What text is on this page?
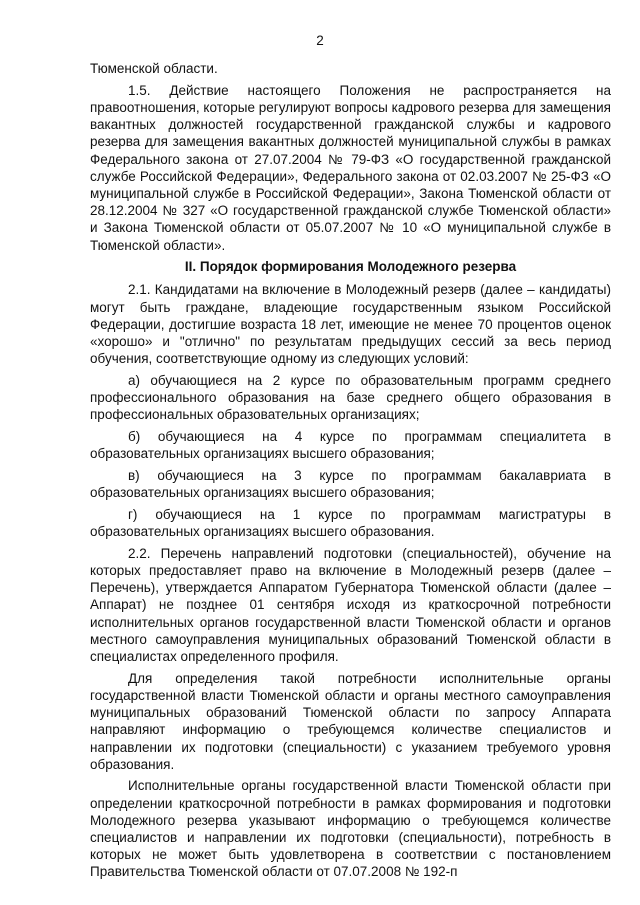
2

Тюменской области.

1.5. Действие настоящего Положения не распространяется на правоотношения, которые регулируют вопросы кадрового резерва для замещения вакантных должностей государственной гражданской службы и кадрового резерва для замещения вакантных должностей муниципальной службы в рамках Федерального закона от 27.07.2004 № 79-ФЗ «О государственной гражданской службе Российской Федерации», Федерального закона от 02.03.2007 № 25-ФЗ «О муниципальной службе в Российской Федерации», Закона Тюменской области от 28.12.2004 № 327 «О государственной гражданской службе Тюменской области» и Закона Тюменской области от 05.07.2007 № 10 «О муниципальной службе в Тюменской области».

II. Порядок формирования Молодежного резерва

2.1. Кандидатами на включение в Молодежный резерв (далее – кандидаты) могут быть граждане, владеющие государственным языком Российской Федерации, достигшие возраста 18 лет, имеющие не менее 70 процентов оценок «хорошо» и "отлично" по результатам предыдущих сессий за весь период обучения, соответствующие одному из следующих условий:

а) обучающиеся на 2 курсе по образовательным программ среднего профессионального образования на базе среднего общего образования в профессиональных образовательных организациях;

б) обучающиеся на 4 курсе по программам специалитета в образовательных организациях высшего образования;

в) обучающиеся на 3 курсе по программам бакалавриата в образовательных организациях высшего образования;

г) обучающиеся на 1 курсе по программам магистратуры в образовательных организациях высшего образования.

2.2. Перечень направлений подготовки (специальностей), обучение на которых предоставляет право на включение в Молодежный резерв (далее – Перечень), утверждается Аппаратом Губернатора Тюменской области (далее – Аппарат) не позднее 01 сентября исходя из краткосрочной потребности исполнительных органов государственной власти Тюменской области и органов местного самоуправления муниципальных образований Тюменской области в специалистах определенного профиля.

Для определения такой потребности исполнительные органы государственной власти Тюменской области и органы местного самоуправления муниципальных образований Тюменской области по запросу Аппарата направляют информацию о требующемся количестве специалистов и направлении их подготовки (специальности) с указанием требуемого уровня образования.

Исполнительные органы государственной власти Тюменской области при определении краткосрочной потребности в рамках формирования и подготовки Молодежного резерва указывают информацию о требующемся количестве специалистов и направлении их подготовки (специальности), потребность в которых не может быть удовлетворена в соответствии с постановлением Правительства Тюменской области от 07.07.2008 № 192-п
